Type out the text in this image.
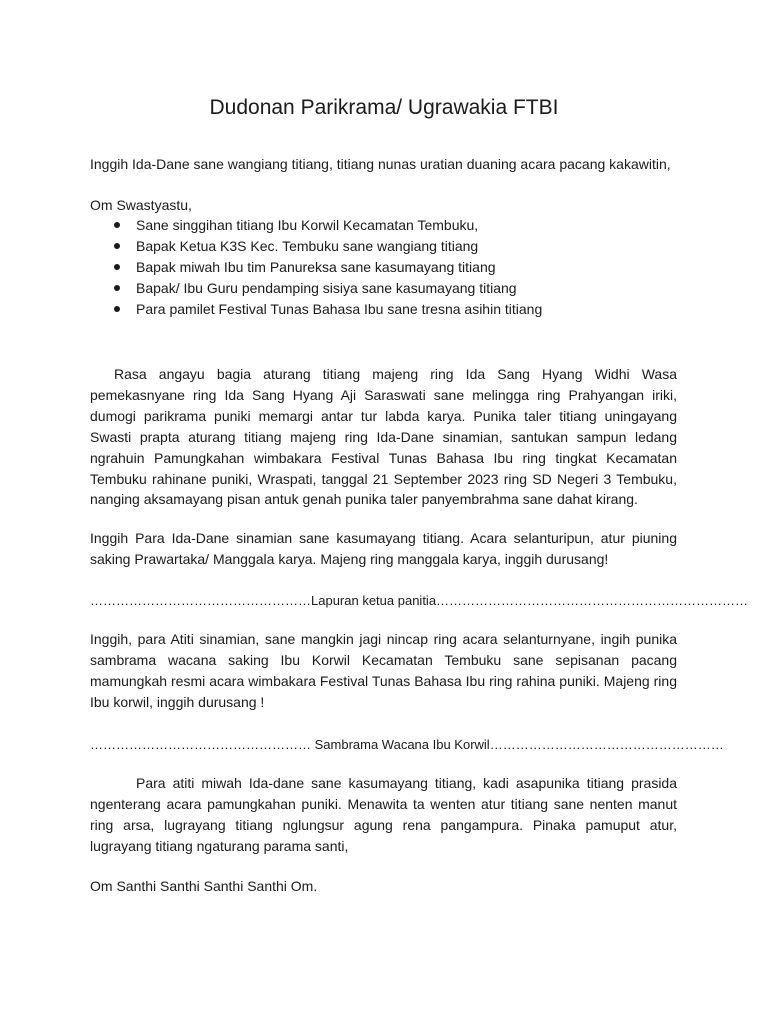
Dudonan Parikrama/ Ugrawakia FTBI
Inggih Ida-Dane sane wangiang titiang, titiang nunas uratian duaning acara pacang kakawitin,
Om Swastyastu,
Sane singgihan titiang Ibu Korwil Kecamatan Tembuku,
Bapak Ketua K3S Kec. Tembuku sane wangiang titiang
Bapak miwah Ibu tim Panureksa sane kasumayang titiang
Bapak/ Ibu Guru pendamping sisiya sane kasumayang titiang
Para pamilet Festival Tunas Bahasa Ibu sane tresna asihin titiang
Rasa angayu bagia aturang titiang majeng ring Ida Sang Hyang Widhi Wasa pemekasnyane ring Ida Sang Hyang Aji Saraswati sane melingga ring Prahyangan iriki, dumogi parikrama puniki memargi antar tur labda karya. Punika taler titiang uningayang Swasti prapta aturang titiang majeng ring Ida-Dane sinamian, santukan sampun ledang ngrahuin Pamungkahan wimbakara Festival Tunas Bahasa Ibu ring tingkat Kecamatan Tembuku rahinane puniki, Wraspati, tanggal 21 September 2023 ring SD Negeri 3 Tembuku, nanging aksamayang pisan antuk genah punika taler panyembrahma sane dahat kirang.
Inggih Para Ida-Dane sinamian sane kasumayang titiang. Acara selanturipun, atur piuning saking Prawartaka/ Manggala karya. Majeng ring manggala karya, inggih durusang!
……………………………………………Lapuran ketua panitia………………………………………………………………
Inggih, para Atiti sinamian, sane mangkin jagi nincap ring acara selanturnyane, ingih punika sambrama wacana saking Ibu Korwil Kecamatan Tembuku sane sepisanan pacang mamungkah resmi acara wimbakara Festival Tunas Bahasa Ibu ring rahina puniki. Majeng ring Ibu korwil, inggih durusang !
…………………………………………… Sambrama Wacana Ibu Korwil………………………………………………
Para atiti miwah Ida-dane sane kasumayang titiang, kadi asapunika titiang prasida ngenterang acara pamungkahan puniki. Menawita ta wenten atur titiang sane nenten manut ring arsa, lugrayang titiang nglungsur agung rena pangampura. Pinaka pamuput atur, lugrayang titiang ngaturang parama santi,
Om Santhi Santhi Santhi Santhi Om.
